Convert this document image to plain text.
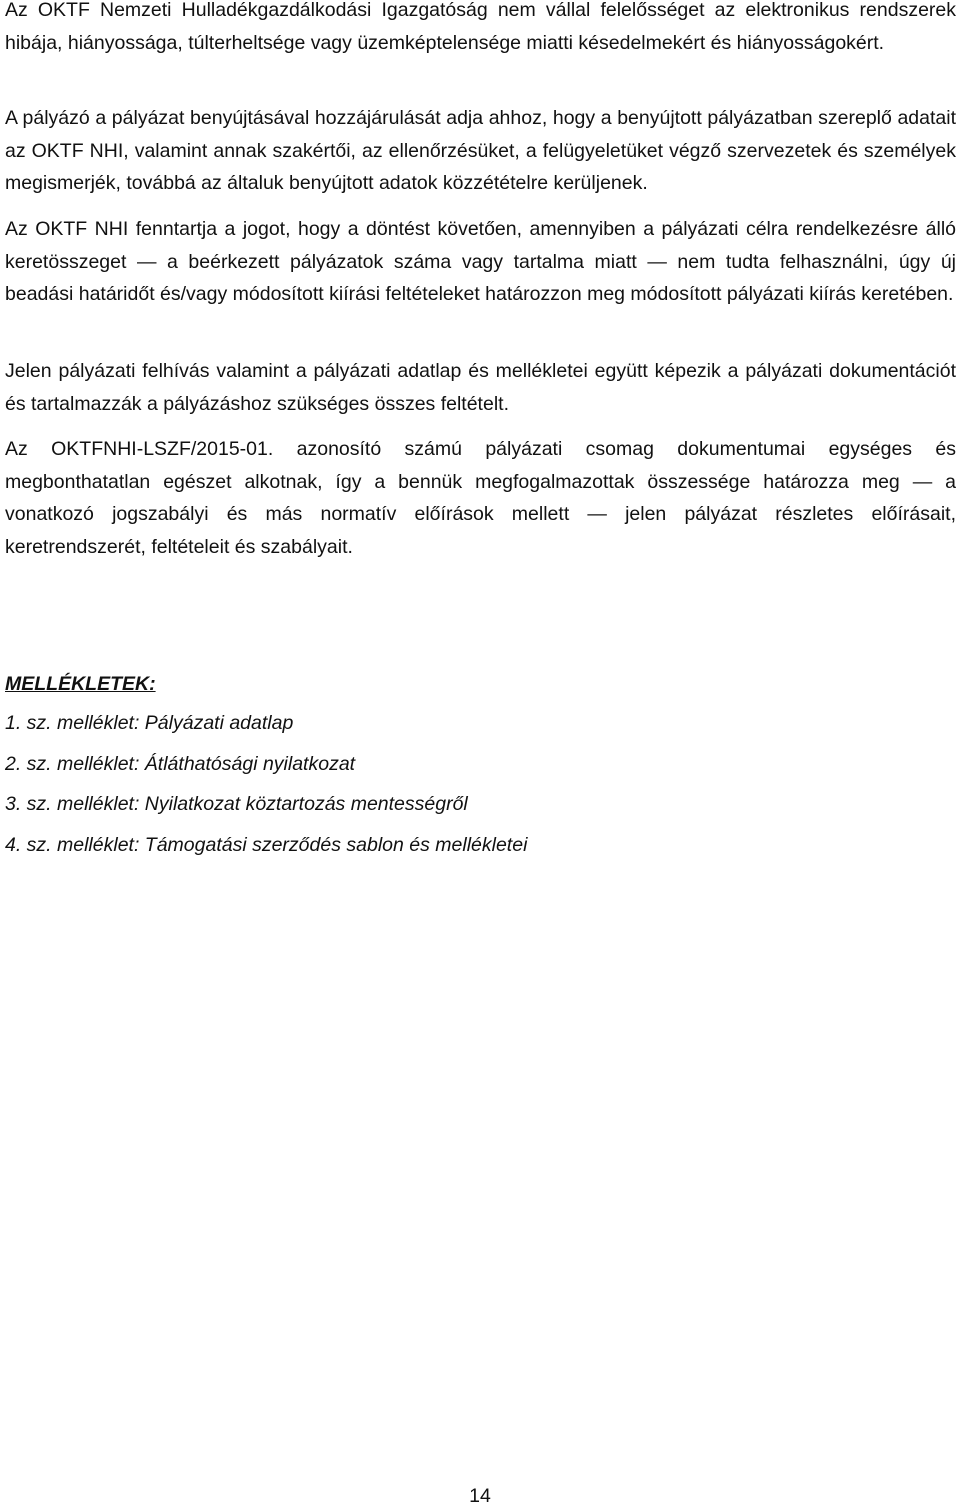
Az OKTF Nemzeti Hulladékgazdálkodási Igazgatóság nem vállal felelősséget az elektronikus rendszerek hibája, hiányossága, túlterheltsége vagy üzemképtelensége miatti késedelmekért és hiányosságokért.

A pályázó a pályázat benyújtásával hozzájárulását adja ahhoz, hogy a benyújtott pályázatban szereplő adatait az OKTF NHI, valamint annak szakértői, az ellenőrzésüket, a felügyeletüket végző szervezetek és személyek megismerjék, továbbá az általuk benyújtott adatok közzétételre kerüljenek.

Az OKTF NHI fenntartja a jogot, hogy a döntést követően, amennyiben a pályázati célra rendelkezésre álló keretösszeget — a beérkezett pályázatok száma vagy tartalma miatt — nem tudta felhasználni, úgy új beadási határidőt és/vagy módosított kiírási feltételeket határozzon meg módosított pályázati kiírás keretében.

Jelen pályázati felhívás valamint a pályázati adatlap és mellékletei együtt képezik a pályázati dokumentációt és tartalmazzák a pályázáshoz szükséges összes feltételt.

Az OKTFNHI-LSZF/2015-01. azonosító számú pályázati csomag dokumentumai egységes és megbonthatatlan egészet alkotnak, így a bennük megfogalmazottak összessége határozza meg — a vonatkozó jogszabályi és más normatív előírások mellett — jelen pályázat részletes előírásait, keretrendszerét, feltételeit és szabályait.

MELLÉKLETEK:

1. sz. melléklet: Pályázati adatlap
2. sz. melléklet: Átláthatósági nyilatkozat
3. sz. melléklet: Nyilatkozat köztartozás mentességről
4. sz. melléklet: Támogatási szerződés sablon és mellékletei
14
